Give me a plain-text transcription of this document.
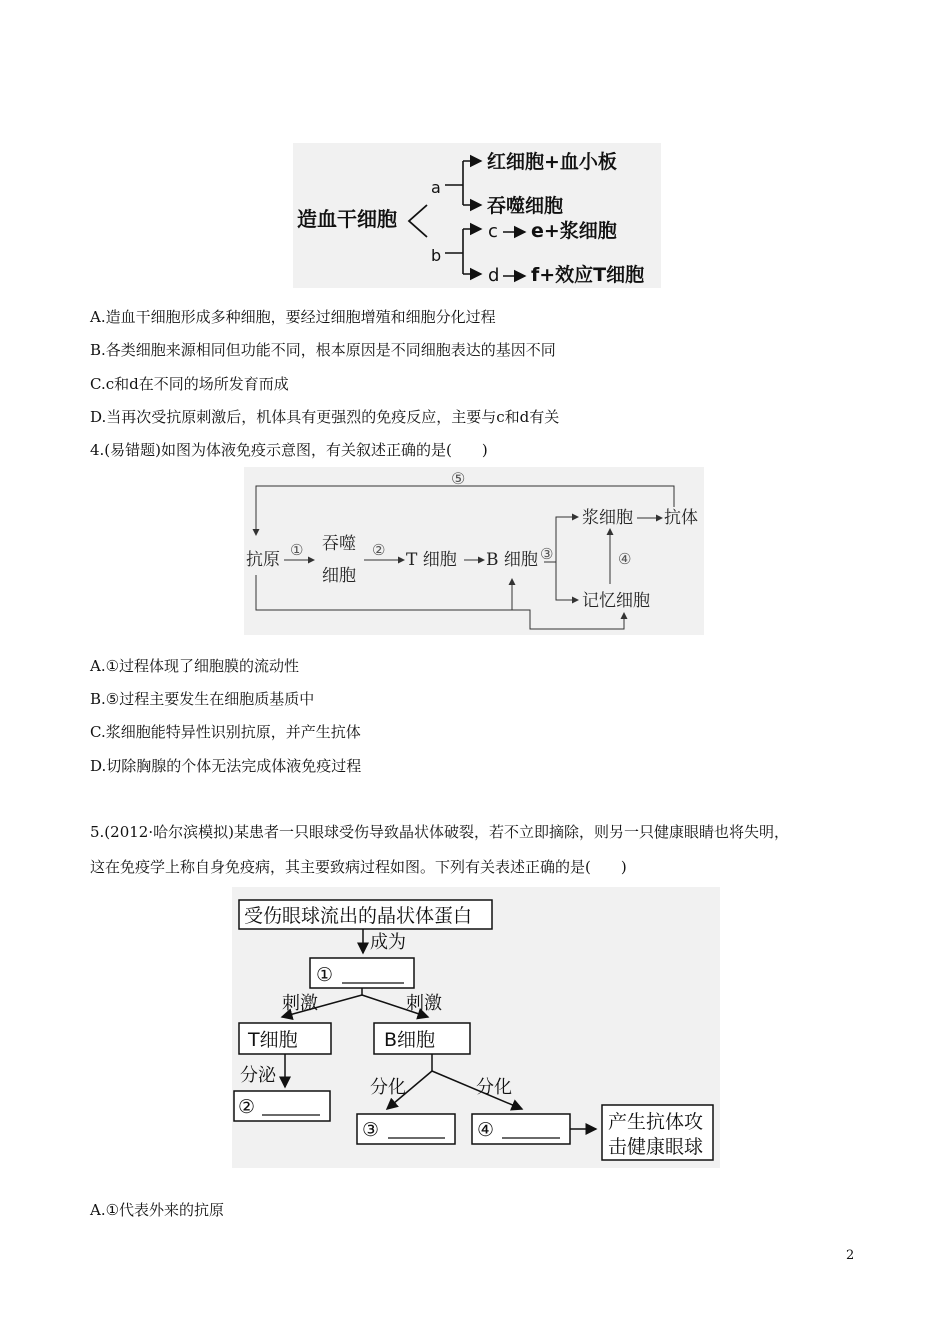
造血干细胞
a
b
红细胞+血小板
吞噬细胞
c e+浆细胞
d f+效应T细胞
A.造血干细胞形成多种细胞，要经过细胞增殖和细胞分化过程
B.各类细胞来源相同但功能不同，根本原因是不同细胞表达的基因不同
C.c和d在不同的场所发育而成
D.当再次受抗原刺激后，机体具有更强烈的免疫反应，主要与c和d有关
4.(易错题)如图为体液免疫示意图，有关叙述正确的是(　　)
⑤
抗原 ① 吞噬
细胞
② T 细胞 B 细胞 ③
浆细胞 抗体
记忆细胞
④
A.①过程体现了细胞膜的流动性
B.⑤过程主要发生在细胞质基质中
C.浆细胞能特异性识别抗原，并产生抗体
D.切除胸腺的个体无法完成体液免疫过程
5.(2012·哈尔滨模拟)某患者一只眼球受伤导致晶状体破裂，若不立即摘除，则另一只健康眼睛也将失明，
这在免疫学上称自身免疫病，其主要致病过程如图。下列有关表述正确的是(　　)
受伤眼球流出的晶状体蛋白
成为
①
刺激	刺激
T细胞	B细胞
分泌
②
分化	分化
③	④	产生抗体攻
击健康眼球
A.①代表外来的抗原
2
